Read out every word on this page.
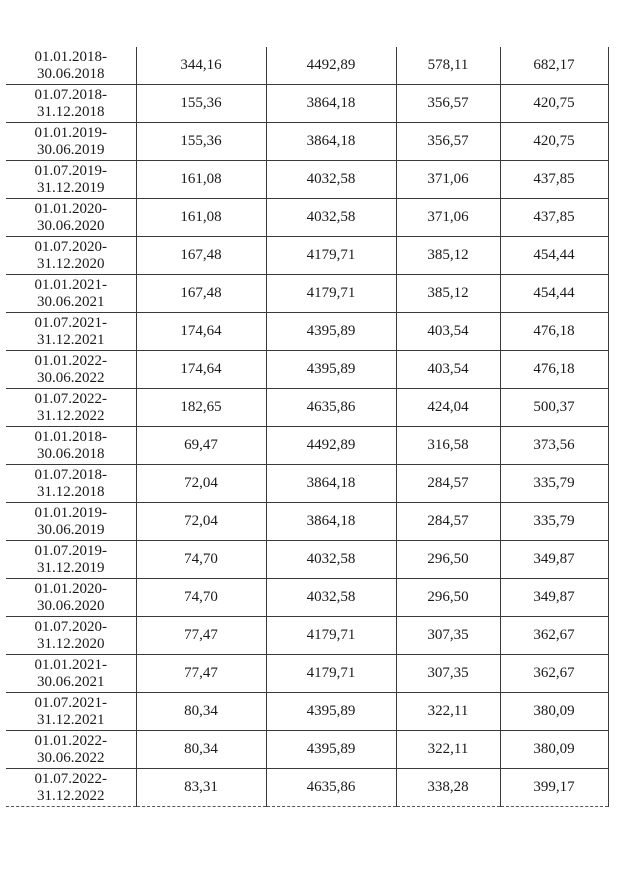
01.01.2018-
30.06.2018	344,16	4492,89	578,11	682,17

01.07.2018-
31.12.2018	155,36	3864,18	356,57	420,75

01.01.2019-
30.06.2019	155,36	3864,18	356,57	420,75

01.07.2019-
31.12.2019	161,08	4032,58	371,06	437,85

01.01.2020-
30.06.2020	161,08	4032,58	371,06	437,85

01.07.2020-
31.12.2020	167,48	4179,71	385,12	454,44

01.01.2021-
30.06.2021	167,48	4179,71	385,12	454,44

01.07.2021-
31.12.2021	174,64	4395,89	403,54	476,18

01.01.2022-
30.06.2022	174,64	4395,89	403,54	476,18

01.07.2022-
31.12.2022	182,65	4635,86	424,04	500,37

01.01.2018-
30.06.2018	69,47	4492,89	316,58	373,56

01.07.2018-
31.12.2018	72,04	3864,18	284,57	335,79

01.01.2019-
30.06.2019	72,04	3864,18	284,57	335,79

01.07.2019-
31.12.2019	74,70	4032,58	296,50	349,87

01.01.2020-
30.06.2020	74,70	4032,58	296,50	349,87

01.07.2020-
31.12.2020	77,47	4179,71	307,35	362,67

01.01.2021-
30.06.2021	77,47	4179,71	307,35	362,67

01.07.2021-
31.12.2021	80,34	4395,89	322,11	380,09

01.01.2022-
30.06.2022	80,34	4395,89	322,11	380,09

01.07.2022-
31.12.2022	83,31	4635,86	338,28	399,17
